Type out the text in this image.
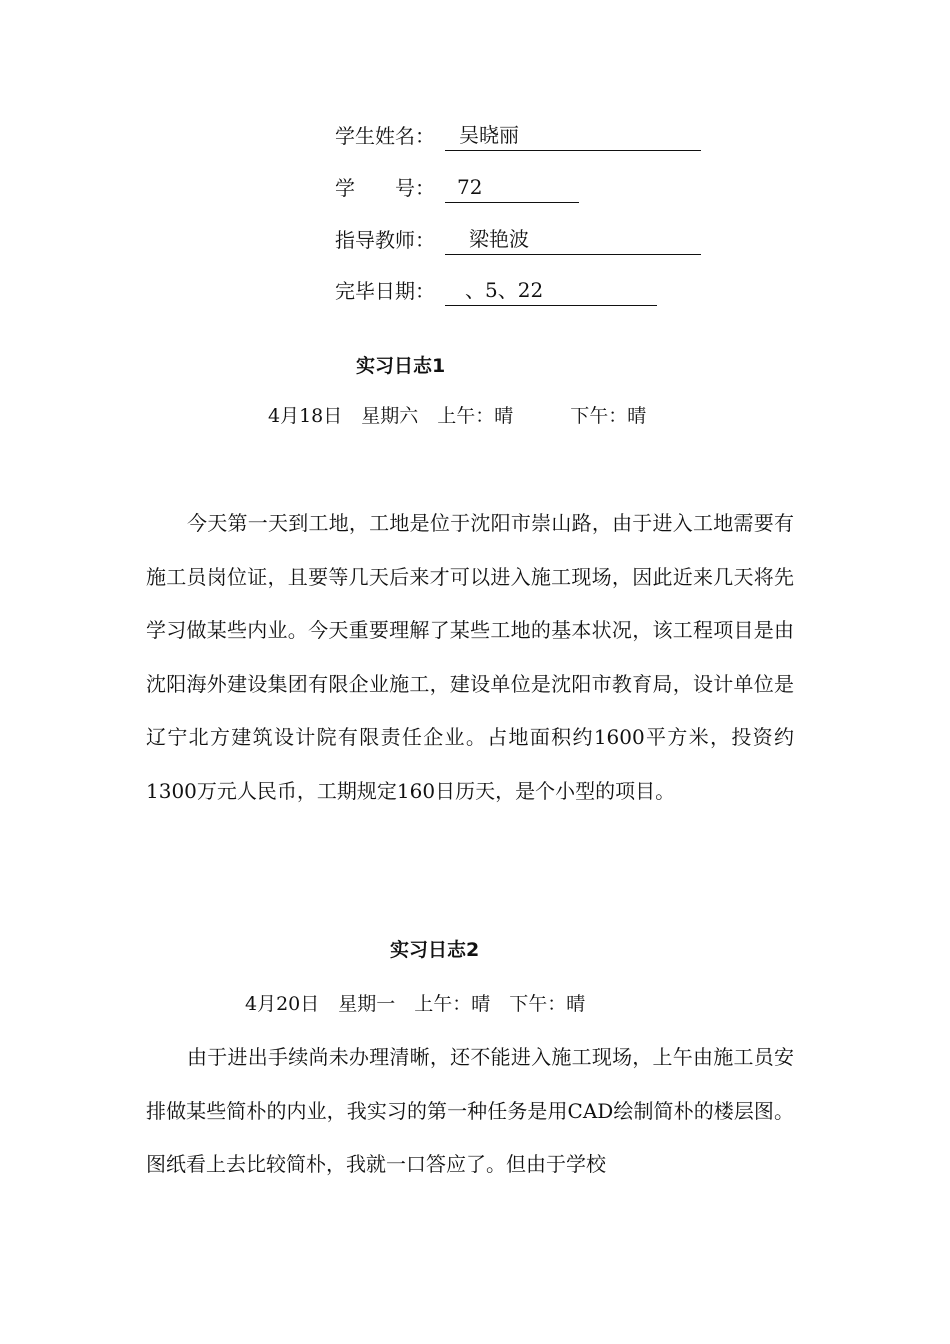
学生姓名：	吴晓丽
学　　号：	72
指导教师：	梁艳波
完毕日期：	、5、22
实习日志1
4月18日　星期六　上午：晴　　　下午：晴

今天第一天到工地，工地是位于沈阳市崇山路，由于进入工地需要有施工员岗位证，且要等几天后来才可以进入施工现场，因此近来几天将先学习做某些内业。今天重要理解了某些工地的基本状况，该工程项目是由沈阳海外建设集团有限企业施工，建设单位是沈阳市教育局，设计单位是辽宁北方建筑设计院有限责任企业。占地面积约1600平方米，投资约1300万元人民币，工期规定160日历天，是个小型的项目。

实习日志2
4月20日　星期一　上午：晴　下午：晴

由于进出手续尚未办理清晰，还不能进入施工现场，上午由施工员安排做某些简朴的内业，我实习的第一种任务是用CAD绘制简朴的楼层图。图纸看上去比较简朴，我就一口答应了。但由于学校
